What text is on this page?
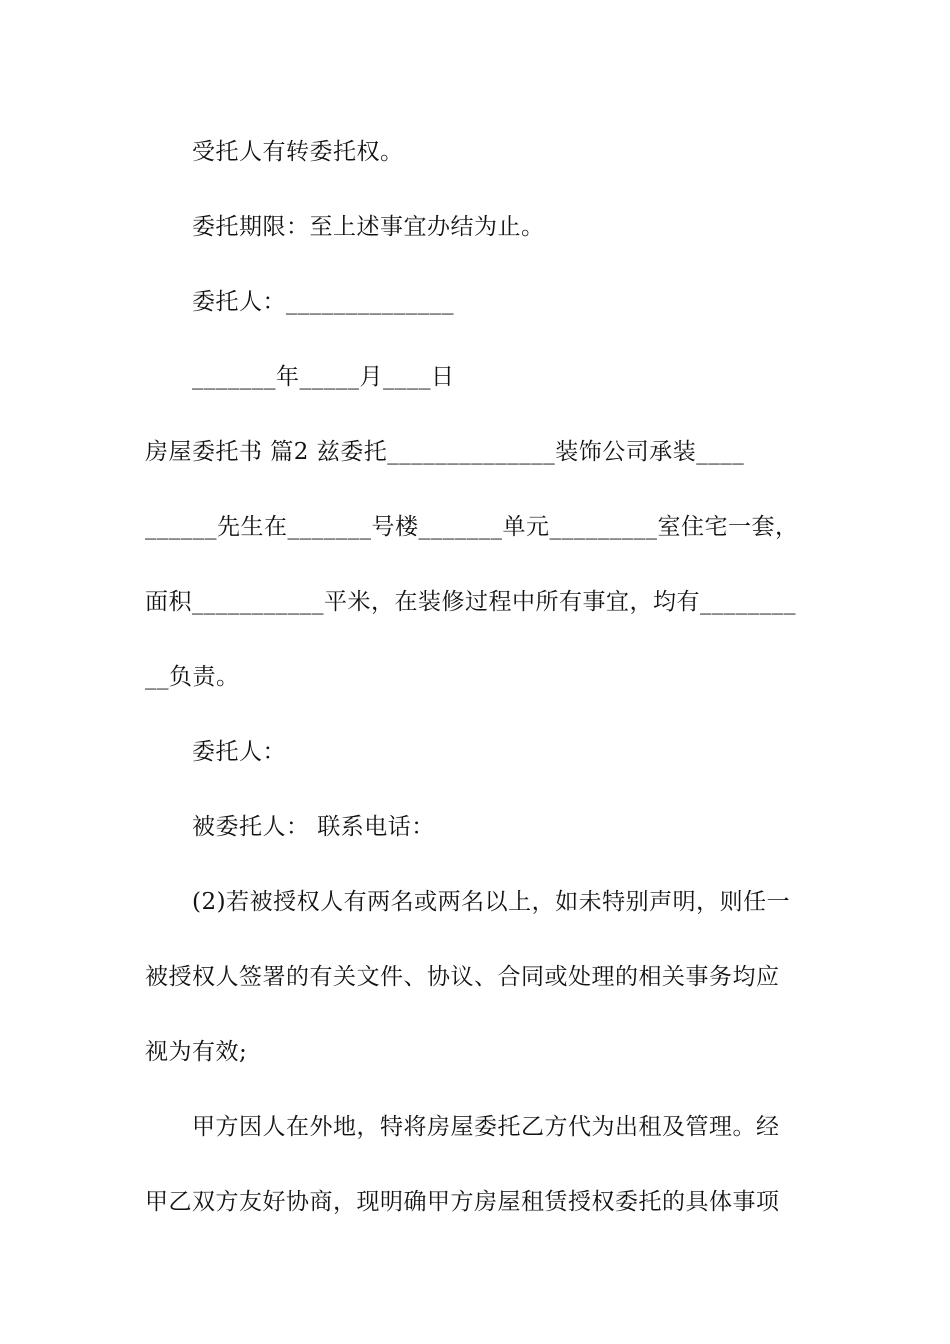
受托人有转委托权。
委托期限：至上述事宜办结为止。
委托人：______________
_______年_____月____日
房屋委托书 篇2 兹委托______________装饰公司承装____
______先生在_______号楼_______单元_________室住宅一套，
面积___________平米，在装修过程中所有事宜，均有________
__负责。
委托人：
被委托人： 联系电话：
(2)若被授权人有两名或两名以上，如未特别声明，则任一
被授权人签署的有关文件、协议、合同或处理的相关事务均应
视为有效;
甲方因人在外地，特将房屋委托乙方代为出租及管理。经
甲乙双方友好协商，现明确甲方房屋租赁授权委托的具体事项
